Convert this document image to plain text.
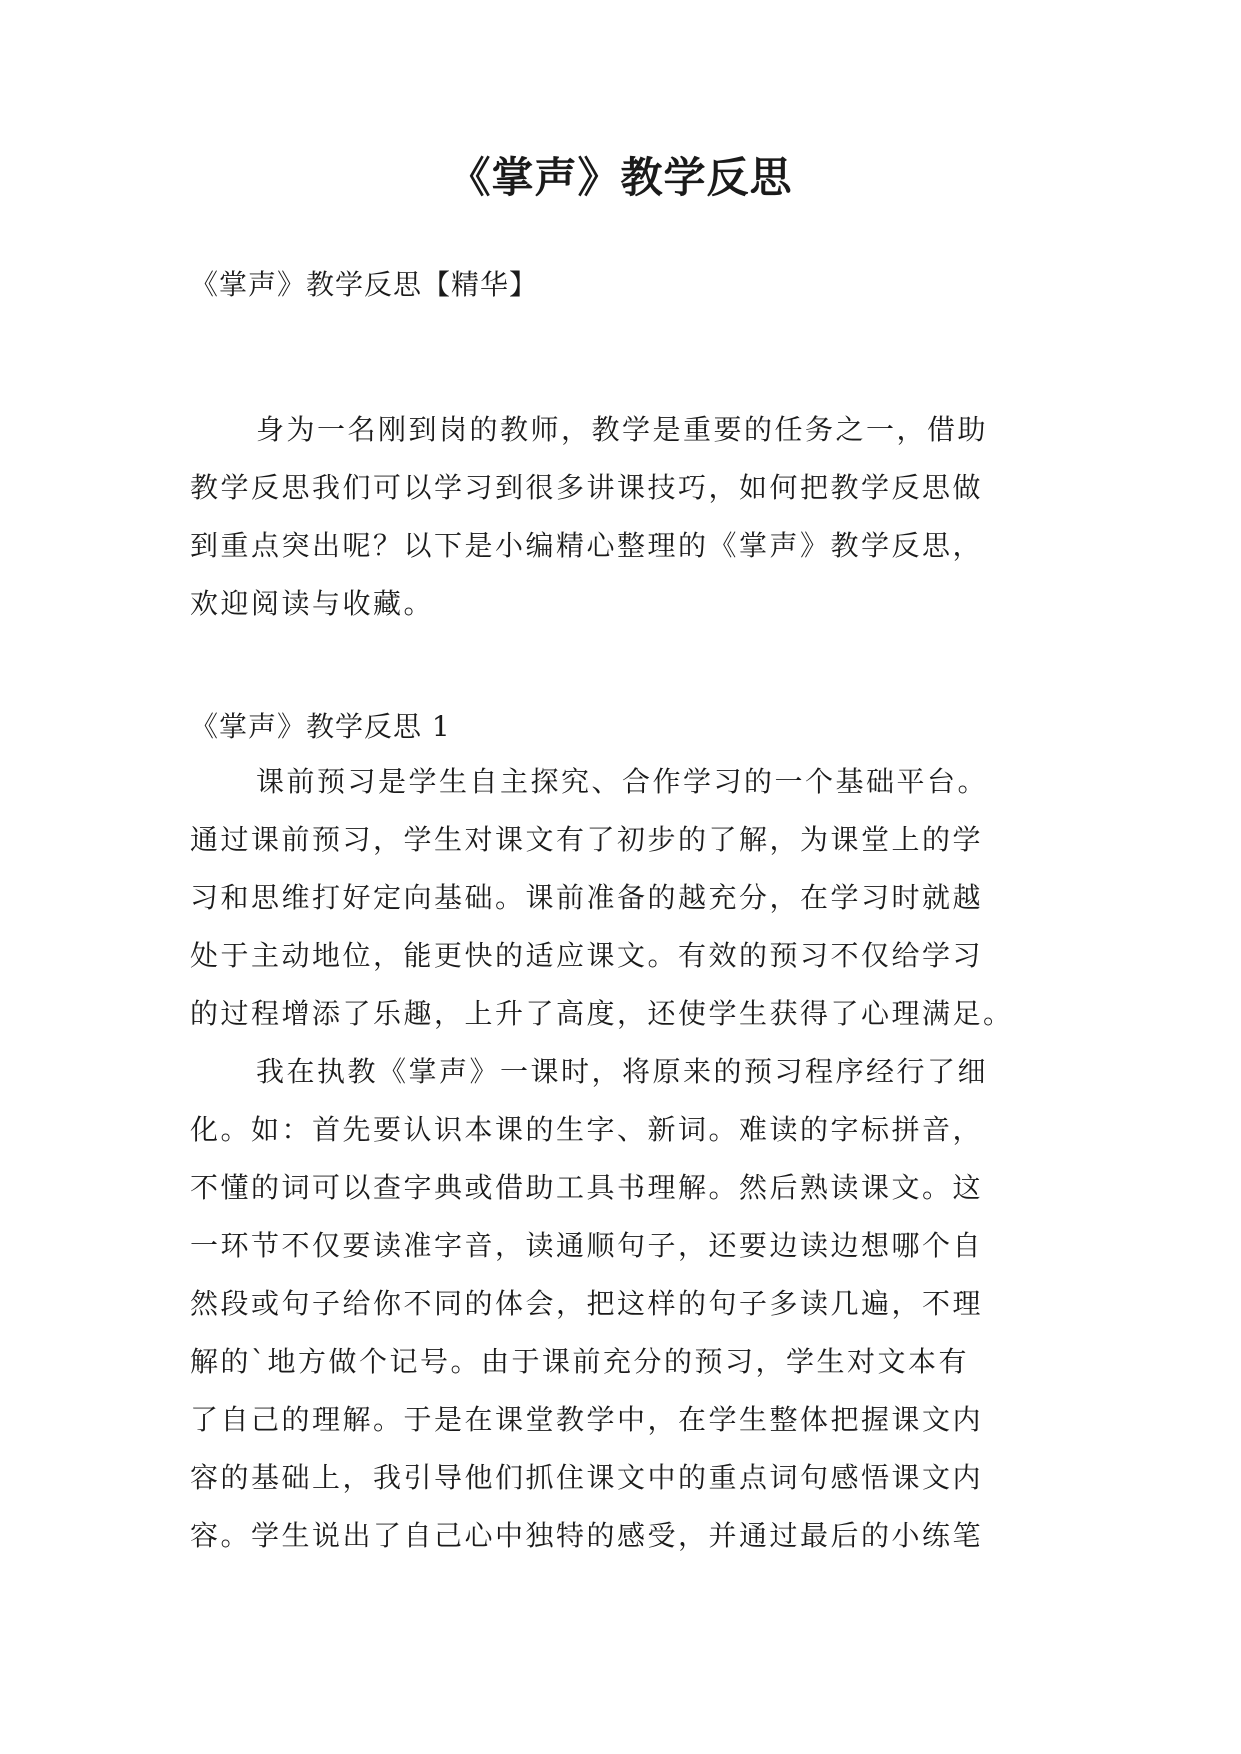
《掌声》教学反思
《掌声》教学反思【精华】
身为一名刚到岗的教师，教学是重要的任务之一，借助
教学反思我们可以学习到很多讲课技巧，如何把教学反思做
到重点突出呢？以下是小编精心整理的《掌声》教学反思，
欢迎阅读与收藏。
《掌声》教学反思 1
课前预习是学生自主探究、合作学习的一个基础平台。
通过课前预习，学生对课文有了初步的了解，为课堂上的学
习和思维打好定向基础。课前准备的越充分，在学习时就越
处于主动地位，能更快的适应课文。有效的预习不仅给学习
的过程增添了乐趣，上升了高度，还使学生获得了心理满足。
我在执教《掌声》一课时，将原来的预习程序经行了细
化。如：首先要认识本课的生字、新词。难读的字标拼音，
不懂的词可以查字典或借助工具书理解。然后熟读课文。这
一环节不仅要读准字音，读通顺句子，还要边读边想哪个自
然段或句子给你不同的体会，把这样的句子多读几遍，不理
解的`地方做个记号。由于课前充分的预习，学生对文本有
了自己的理解。于是在课堂教学中，在学生整体把握课文内
容的基础上，我引导他们抓住课文中的重点词句感悟课文内
容。学生说出了自己心中独特的感受，并通过最后的小练笔
